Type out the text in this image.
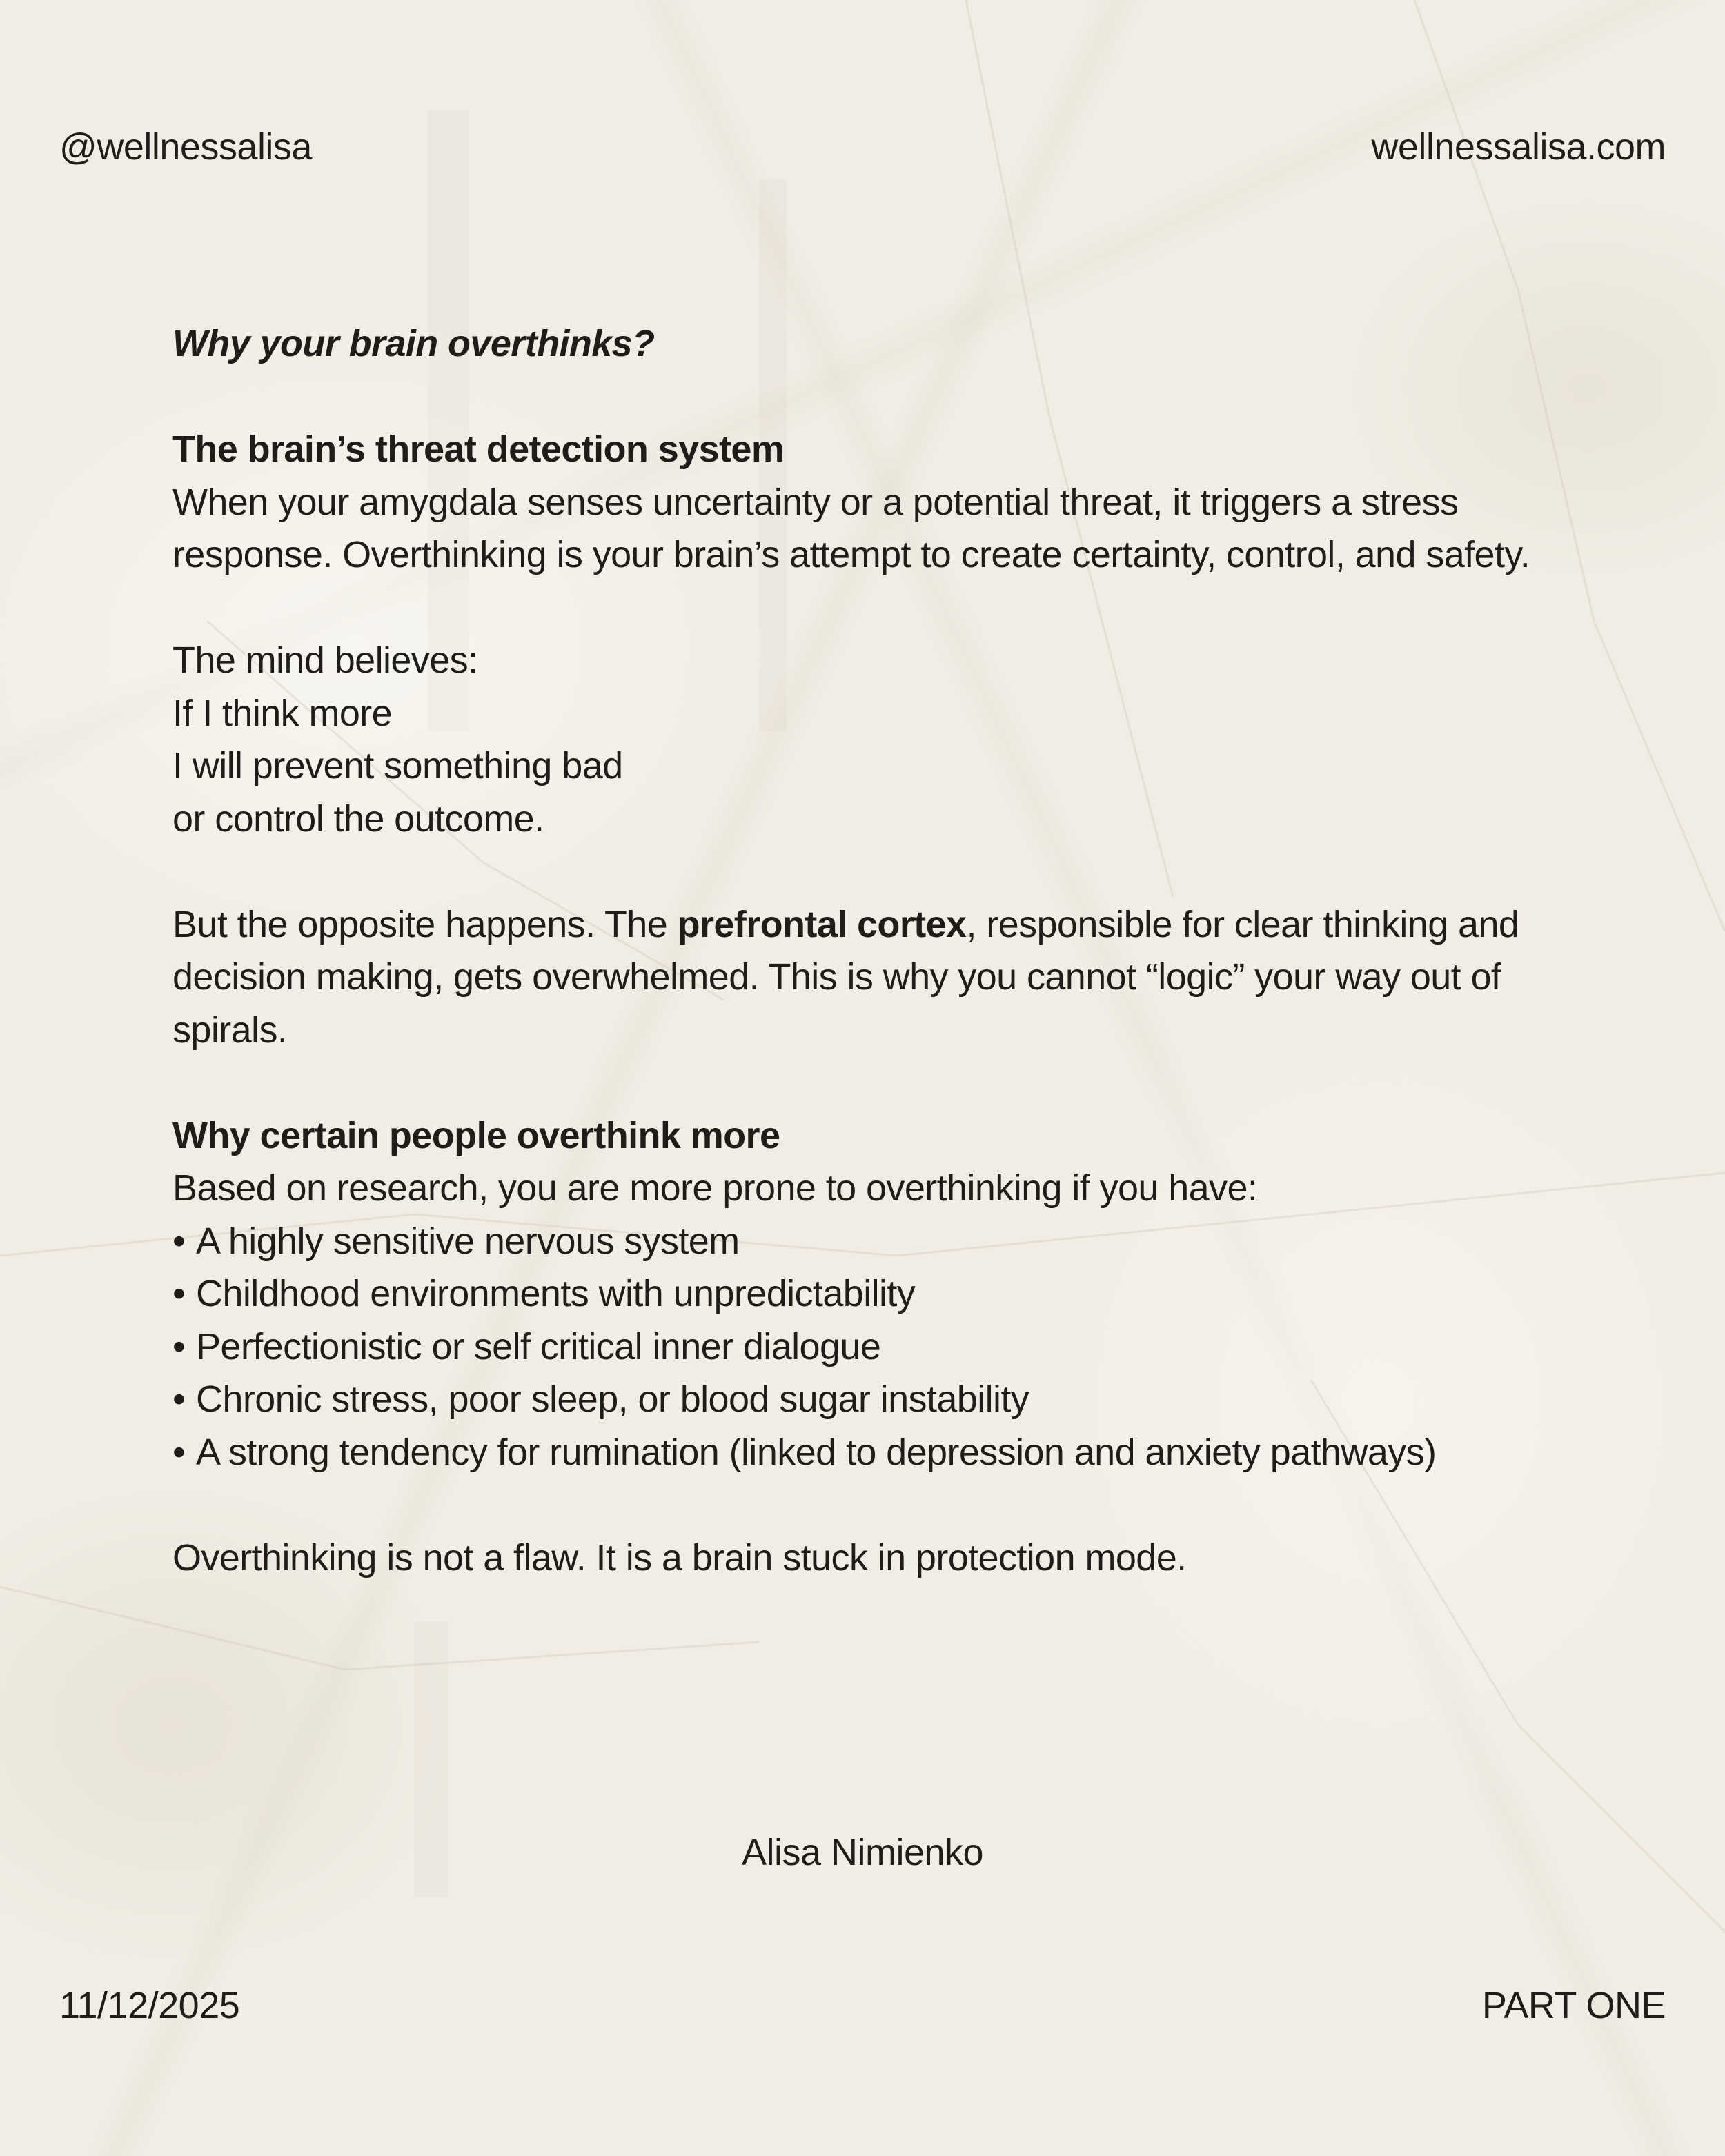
@wellnessalisa	wellnessalisa.com

Why your brain overthinks?

The brain’s threat detection system

When your amygdala senses uncertainty or a potential threat, it triggers a stress response. Overthinking is your brain’s attempt to create certainty, control, and safety.

The mind believes:

If I think more

I will prevent something bad

or control the outcome.

But the opposite happens. The prefrontal cortex, responsible for clear thinking and decision making, gets overwhelmed. This is why you cannot “logic” your way out of spirals.

Why certain people overthink more

Based on research, you are more prone to overthinking if you have:

• A highly sensitive nervous system
• Childhood environments with unpredictability
• Perfectionistic or self critical inner dialogue
• Chronic stress, poor sleep, or blood sugar instability
• A strong tendency for rumination (linked to depression and anxiety pathways)

Overthinking is not a flaw. It is a brain stuck in protection mode.

Alisa Nimienko
11/12/2025	PART ONE
